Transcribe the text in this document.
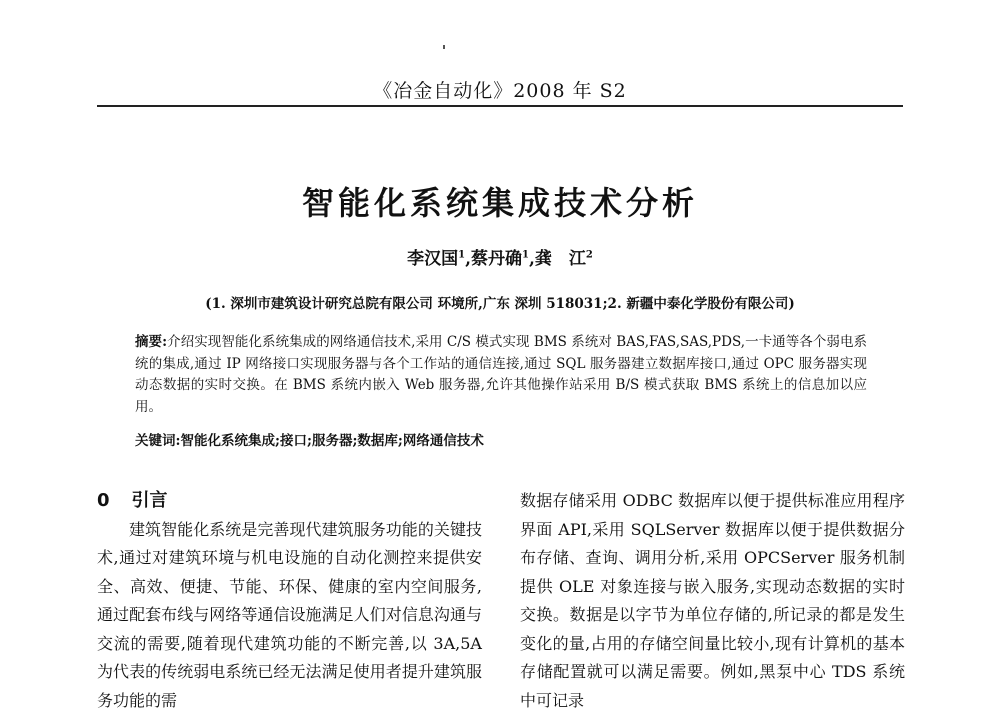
《冶金自动化》2008 年 S2
智能化系统集成技术分析
李汉国$^1$,蔡丹确$^1$,龚　江$^2$
(1. 深圳市建筑设计研究总院有限公司 环境所,广东 深圳 518031;2. 新疆中泰化学股份有限公司)
摘要:介绍实现智能化系统集成的网络通信技术,采用 C/S 模式实现 BMS 系统对 BAS,FAS,SAS,PDS,一卡通等各个弱电系统的集成,通过 IP 网络接口实现服务器与各个工作站的通信连接,通过 SQL 服务器建立数据库接口,通过 OPC 服务器实现动态数据的实时交换。在 BMS 系统内嵌入 Web 服务器,允许其他操作站采用 B/S 模式获取 BMS 系统上的信息加以应用。
关键词:智能化系统集成;接口;服务器;数据库;网络通信技术
0 引言

建筑智能化系统是完善现代建筑服务功能的关键技术,通过对建筑环境与机电设施的自动化测控来提供安全、高效、便捷、节能、环保、健康的室内空间服务,通过配套布线与网络等通信设施满足人们对信息沟通与交流的需要,随着现代建筑功能的不断完善,以 3A,5A 为代表的传统弱电系统已经无法满足使用者提升建筑服务功能的需

数据存储采用 ODBC 数据库以便于提供标准应用程序界面 API,采用 SQLServer 数据库以便于提供数据分布存储、查询、调用分析,采用 OPCServer 服务机制提供 OLE 对象连接与嵌入服务,实现动态数据的实时交换。数据是以字节为单位存储的,所记录的都是发生变化的量,占用的存储空间量比较小,现有计算机的基本存储配置就可以满足需要。例如,黑泵中心 TDS 系统中可记录
